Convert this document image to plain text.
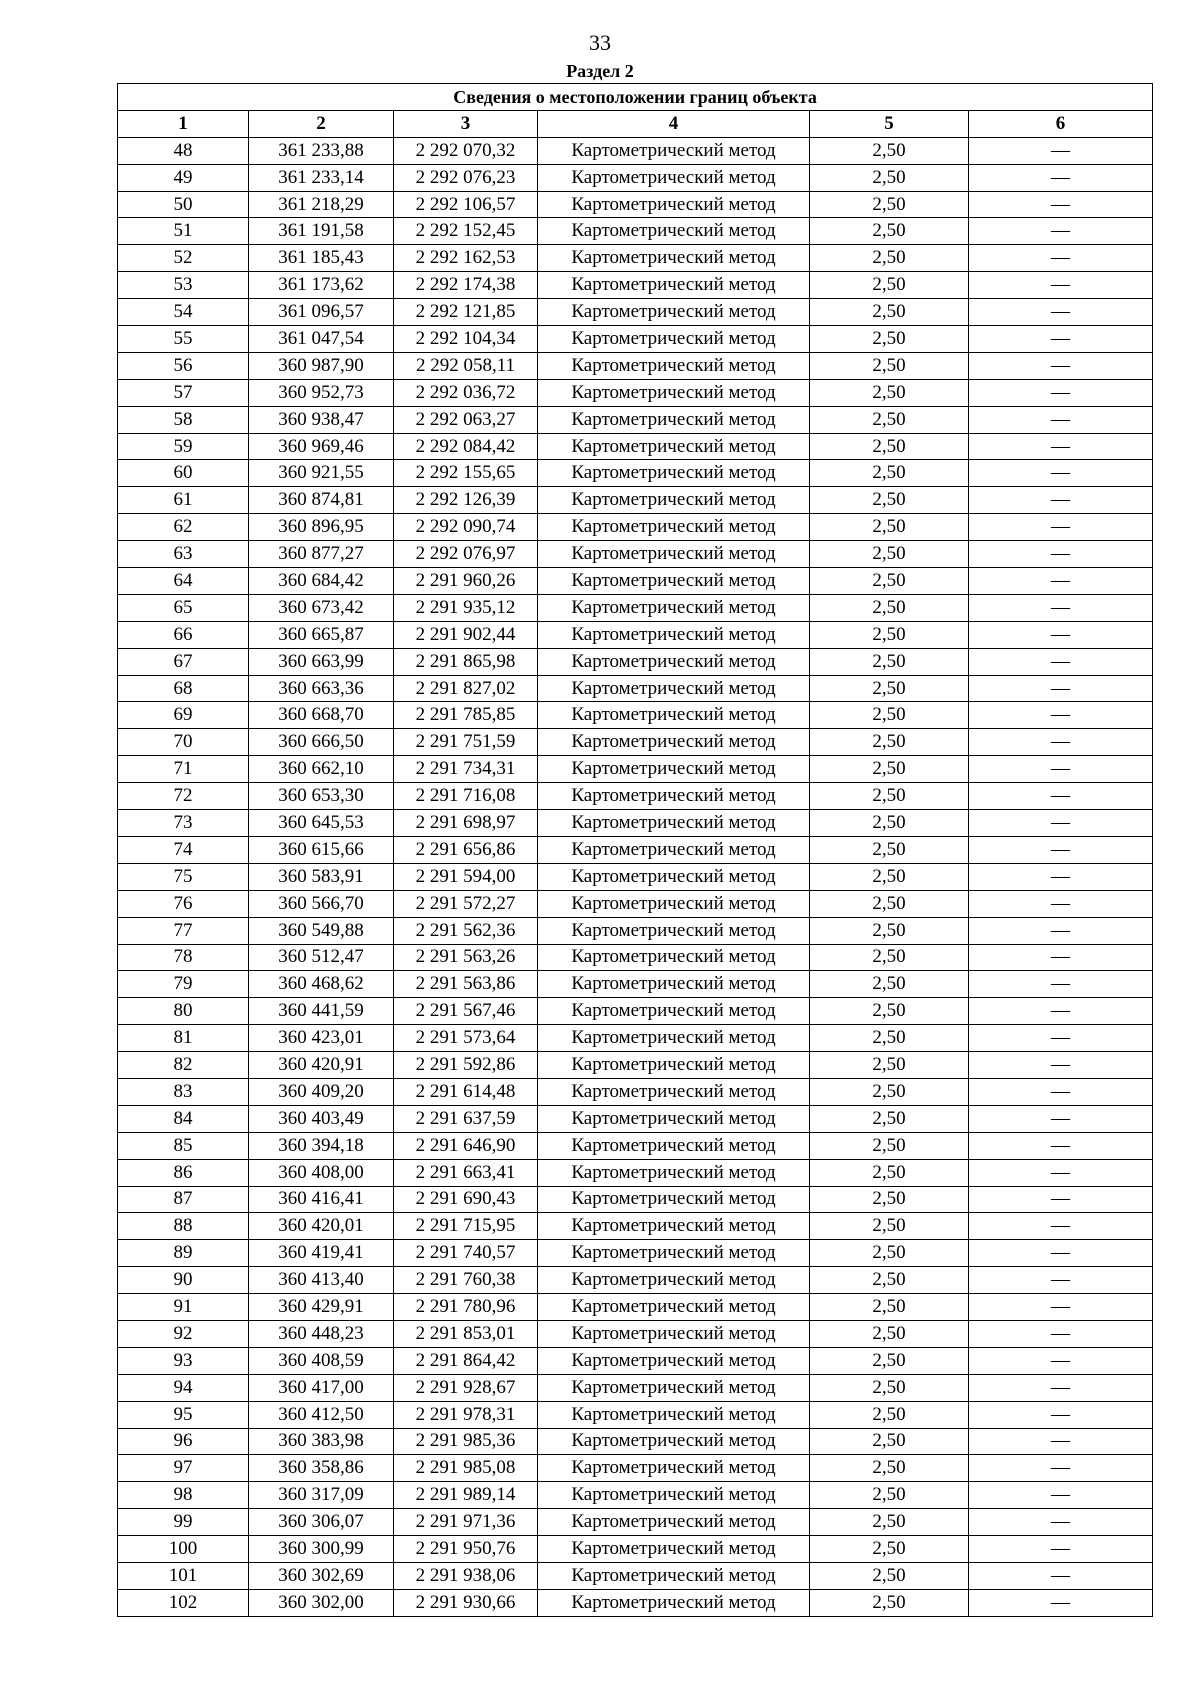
33
Раздел 2
Сведения о местоположении границ объекта					
1	2	3	4	5	6
48	361 233,88	2 292 070,32	Картометрический метод	2,50	—
49	361 233,14	2 292 076,23	Картометрический метод	2,50	—
50	361 218,29	2 292 106,57	Картометрический метод	2,50	—
51	361 191,58	2 292 152,45	Картометрический метод	2,50	—
52	361 185,43	2 292 162,53	Картометрический метод	2,50	—
53	361 173,62	2 292 174,38	Картометрический метод	2,50	—
54	361 096,57	2 292 121,85	Картометрический метод	2,50	—
55	361 047,54	2 292 104,34	Картометрический метод	2,50	—
56	360 987,90	2 292 058,11	Картометрический метод	2,50	—
57	360 952,73	2 292 036,72	Картометрический метод	2,50	—
58	360 938,47	2 292 063,27	Картометрический метод	2,50	—
59	360 969,46	2 292 084,42	Картометрический метод	2,50	—
60	360 921,55	2 292 155,65	Картометрический метод	2,50	—
61	360 874,81	2 292 126,39	Картометрический метод	2,50	—
62	360 896,95	2 292 090,74	Картометрический метод	2,50	—
63	360 877,27	2 292 076,97	Картометрический метод	2,50	—
64	360 684,42	2 291 960,26	Картометрический метод	2,50	—
65	360 673,42	2 291 935,12	Картометрический метод	2,50	—
66	360 665,87	2 291 902,44	Картометрический метод	2,50	—
67	360 663,99	2 291 865,98	Картометрический метод	2,50	—
68	360 663,36	2 291 827,02	Картометрический метод	2,50	—
69	360 668,70	2 291 785,85	Картометрический метод	2,50	—
70	360 666,50	2 291 751,59	Картометрический метод	2,50	—
71	360 662,10	2 291 734,31	Картометрический метод	2,50	—
72	360 653,30	2 291 716,08	Картометрический метод	2,50	—
73	360 645,53	2 291 698,97	Картометрический метод	2,50	—
74	360 615,66	2 291 656,86	Картометрический метод	2,50	—
75	360 583,91	2 291 594,00	Картометрический метод	2,50	—
76	360 566,70	2 291 572,27	Картометрический метод	2,50	—
77	360 549,88	2 291 562,36	Картометрический метод	2,50	—
78	360 512,47	2 291 563,26	Картометрический метод	2,50	—
79	360 468,62	2 291 563,86	Картометрический метод	2,50	—
80	360 441,59	2 291 567,46	Картометрический метод	2,50	—
81	360 423,01	2 291 573,64	Картометрический метод	2,50	—
82	360 420,91	2 291 592,86	Картометрический метод	2,50	—
83	360 409,20	2 291 614,48	Картометрический метод	2,50	—
84	360 403,49	2 291 637,59	Картометрический метод	2,50	—
85	360 394,18	2 291 646,90	Картометрический метод	2,50	—
86	360 408,00	2 291 663,41	Картометрический метод	2,50	—
87	360 416,41	2 291 690,43	Картометрический метод	2,50	—
88	360 420,01	2 291 715,95	Картометрический метод	2,50	—
89	360 419,41	2 291 740,57	Картометрический метод	2,50	—
90	360 413,40	2 291 760,38	Картометрический метод	2,50	—
91	360 429,91	2 291 780,96	Картометрический метод	2,50	—
92	360 448,23	2 291 853,01	Картометрический метод	2,50	—
93	360 408,59	2 291 864,42	Картометрический метод	2,50	—
94	360 417,00	2 291 928,67	Картометрический метод	2,50	—
95	360 412,50	2 291 978,31	Картометрический метод	2,50	—
96	360 383,98	2 291 985,36	Картометрический метод	2,50	—
97	360 358,86	2 291 985,08	Картометрический метод	2,50	—
98	360 317,09	2 291 989,14	Картометрический метод	2,50	—
99	360 306,07	2 291 971,36	Картометрический метод	2,50	—
100	360 300,99	2 291 950,76	Картометрический метод	2,50	—
101	360 302,69	2 291 938,06	Картометрический метод	2,50	—
102	360 302,00	2 291 930,66	Картометрический метод	2,50	—
